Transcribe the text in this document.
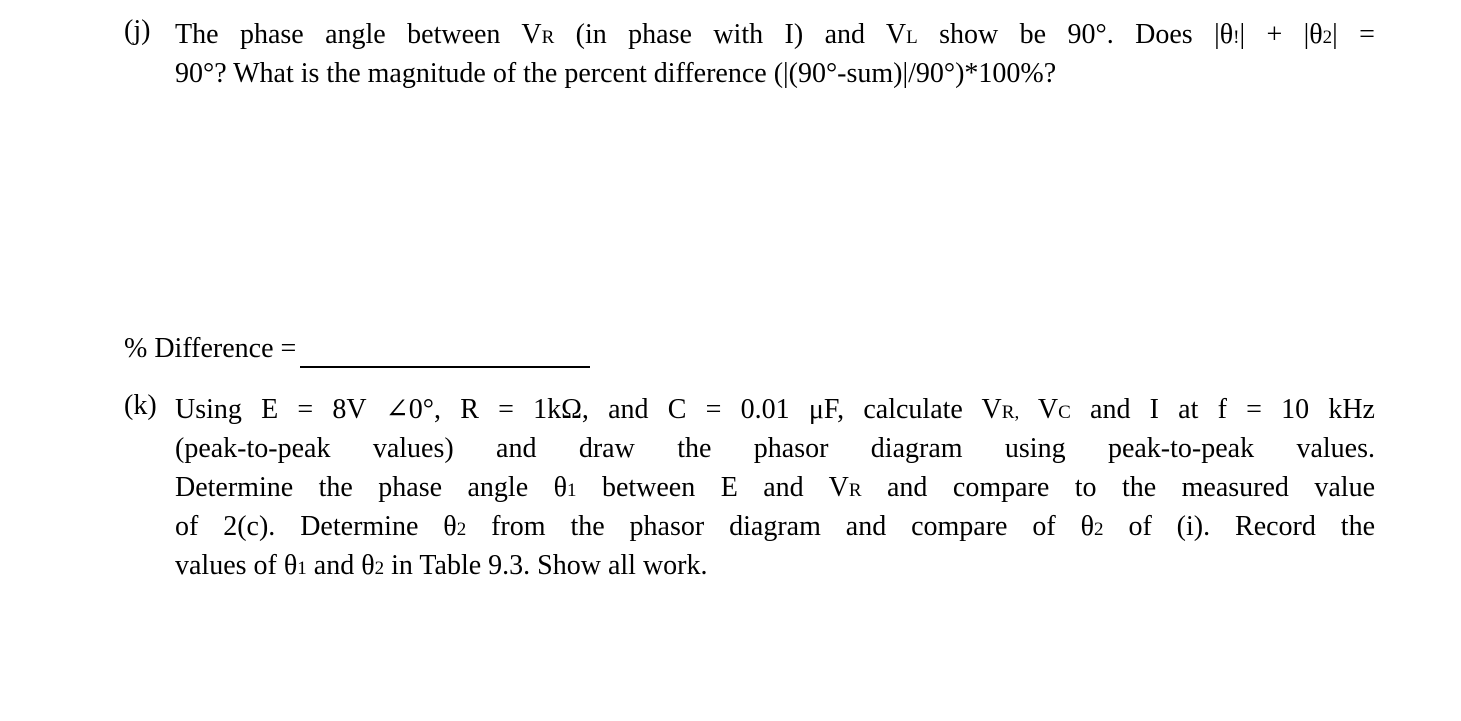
(j) The phase angle between VR (in phase with I) and VL show be 90°. Does |θ!| + |θ2| =
90°? What is the magnitude of the percent difference (|(90°-sum)|/90°)*100%?
% Difference =
(k) Using E = 8V ∠0°, R = 1kΩ, and C = 0.01 μF, calculate VR, VC and I at f = 10 kHz
(peak-to-peak values) and draw the phasor diagram using peak-to-peak values.
Determine the phase angle θ1 between E and VR and compare to the measured value
of 2(c). Determine θ2 from the phasor diagram and compare of θ2 of (i). Record the
values of θ1 and θ2 in Table 9.3. Show all work.
